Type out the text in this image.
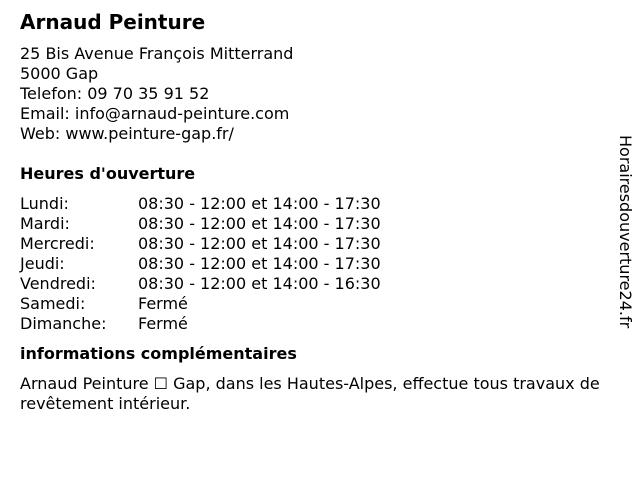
Arnaud Peinture
25 Bis Avenue François Mitterrand
5000 Gap
Telefon: 09 70 35 91 52
Email: info@arnaud-peinture.com
Web: www.peinture-gap.fr/
Heures d'ouverture
Lundi:	08:30 - 12:00 et 14:00 - 17:30
Mardi:	08:30 - 12:00 et 14:00 - 17:30
Mercredi:	08:30 - 12:00 et 14:00 - 17:30
Jeudi:	08:30 - 12:00 et 14:00 - 17:30
Vendredi:	08:30 - 12:00 et 14:00 - 16:30
Samedi:	Fermé
Dimanche:	Fermé
informations complémentaires
Arnaud Peinture ☐ Gap, dans les Hautes-Alpes, effectue tous travaux de revêtement intérieur.
Horairesdouverture24.fr
